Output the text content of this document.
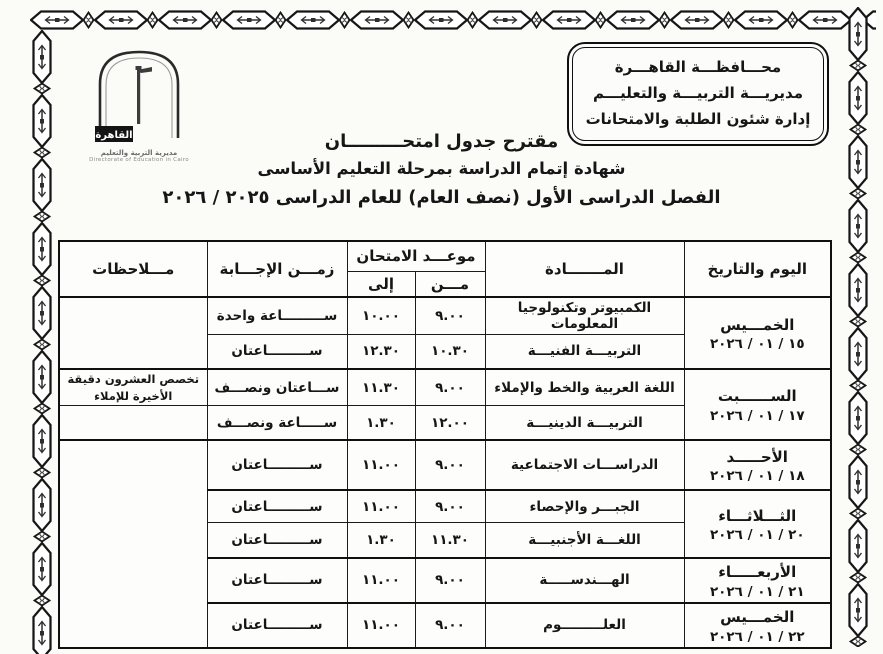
محـــافظـــة القاهـــرة
مديريـــة التربيـــة والتعليـــم
إدارة شئون الطلبة والامتحانات
القاهرة
مديرية التربية والتعليم
Directorate of Education in Cairo
مقترح جدول امتحـــــــــان
شهادة إتمام الدراسة بمرحلة التعليم الأساسى
الفصل الدراسى الأول (نصف العام) للعام الدراسى ٢٠٢٥ / ٢٠٢٦
اليوم والتاريخ	المـــــــادة	موعـــد الامتحان		زمـــن الإجـــابة	مـــلاحظات
		مـــن	إلى		

الخمـــيس
١٥ / ٠١ / ٢٠٢٦	الكمبيوتر وتكنولوجيا المعلومات	٩.٠٠	١٠.٠٠	ســـــــــاعة واحدة	
	التربيـــة الفنيـــة	١٠.٣٠	١٢.٣٠	ســـــــــاعتان	

الســــــبت
١٧ / ٠١ / ٢٠٢٦	اللغة العربية والخط والإملاء	٩.٠٠	١١.٣٠	ســـاعتان ونصـــف	تخصص العشرون دقيقة الأخيرة للإملاء
	التربيـــة الدينيـــة	١٢.٠٠	١.٣٠	ســـــاعة ونصـــف	

الأحـــــد
١٨ / ٠١ / ٢٠٢٦	الدراســـات الاجتماعية	٩.٠٠	١١.٠٠	ســـــــــاعتان	

الثـــلاثـــاء
٢٠ / ٠١ / ٢٠٢٦	الجبـــر والإحصاء	٩.٠٠	١١.٠٠	ســـــــــاعتان	
	اللغـــة الأجنبيـــة	١١.٣٠	١.٣٠	ســـــــــاعتان	

الأربعـــــاء
٢١ / ٠١ / ٢٠٢٦	الهـــندســـــة	٩.٠٠	١١.٠٠	ســـــــــاعتان	

الخمـــيس
٢٢ / ٠١ / ٢٠٢٦	العلـــــــــوم	٩.٠٠	١١.٠٠	ســـــــــاعتان	
